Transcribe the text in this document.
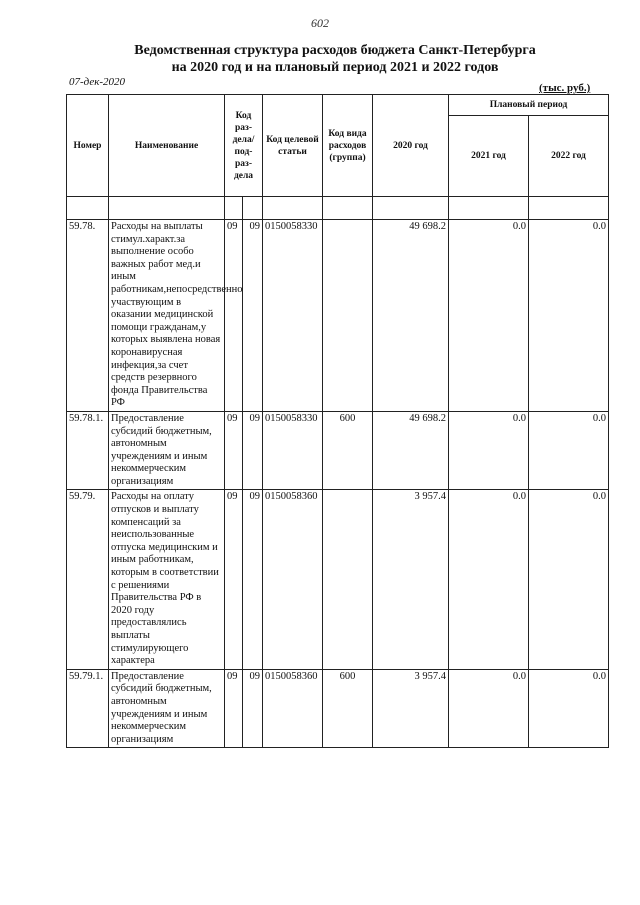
602
Ведомственная структура расходов бюджета Санкт-Петербурга
на 2020 год и на плановый период 2021 и 2022 годов
07-дек-2020	(тыс. руб.)
Номер	Наименование	Код раз-дела/ под-раз-дела		Код целевой статьи	Код вида расходов (группа)	2020 год	Плановый период	
							2021 год	2022 год

59.78.	Расходы на выплаты стимул.характ.за выполнение особо важных работ мед.и иным работникам,непосредственно участвующим в оказании медицинской помощи гражданам,у которых выявлена новая коронавирусная инфекция,за счет средств резервного фонда Правительства РФ	09	09	0150058330		49 698.2	0.0	0.0
59.78.1.	Предоставление субсидий бюджетным, автономным учреждениям и иным некоммерческим организациям	09	09	0150058330	600	49 698.2	0.0	0.0
59.79.	Расходы на оплату отпусков и выплату компенсаций за неиспользованные отпуска медицинским и иным работникам, которым в соответствии с решениями Правительства РФ в 2020 году предоставлялись выплаты стимулирующего характера	09	09	0150058360		3 957.4	0.0	0.0
59.79.1.	Предоставление субсидий бюджетным, автономным учреждениям и иным некоммерческим организациям	09	09	0150058360	600	3 957.4	0.0	0.0
